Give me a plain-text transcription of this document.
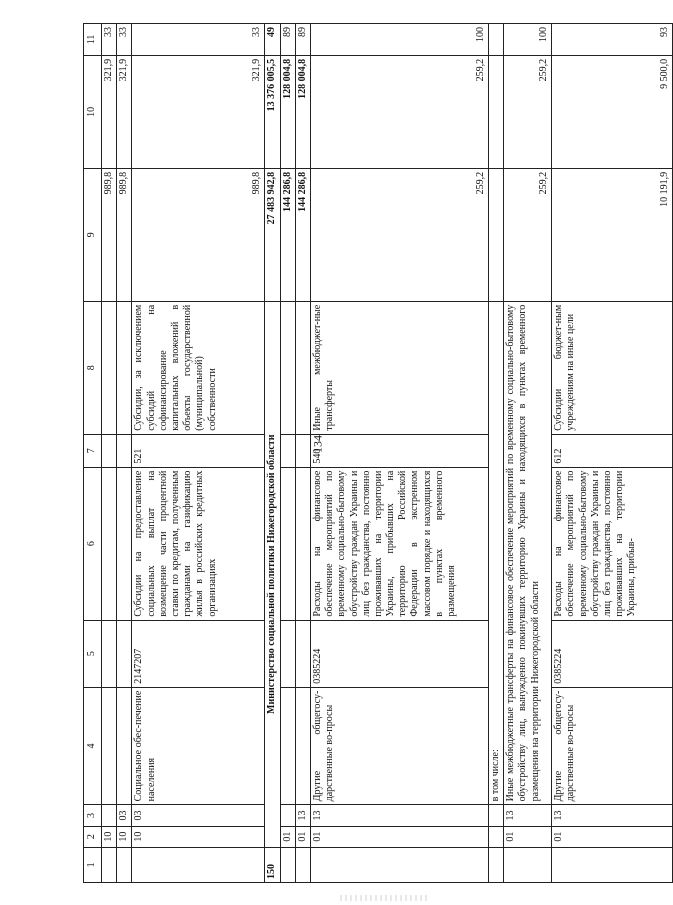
134
1	2	3	4	5	6	7	8	9	10	11
	10							989,8	321,9	33
	10	03						989,8	321,9	33
	10	03	Социальное обес-печение населения	2147207	Субсидии на предоставление социальных выплат на возмещение части процентной ставки по кредитам, полученным гражданами на газификацию жилья в российских кредитных организациях	521	Субсидии, за исключением субсидий на софинансирование капитальных вложений в объекты государственной (муниципальной) собственности	989,8	321,9	33
150	Министерство социальной политики Нижегородской области							27 483 942,8	13 376 005,5	49
	01							144 286,8	128 004,8	89
	01	13						144 286,8	128 004,8	89
	01	13	Другие общегосу-дарственные во-просы	0385224	Расходы на финансовое обеспечение мероприятий по временному социально-бытовому обустройству граждан Украины и лиц без гражданства, постоянно проживавших на территории Украины, прибывших на территорию Российской Федерации в экстренном массовом порядке и находящихся в пунктах временного размещения	540	Иные межбюджет-ные трансферты	259,2	259,2	100
			в том числе:							
	01	13	Иные межбюджетные трансферты на финансовое обеспечение мероприятий по временному социально-бытовому обустройству лиц, вынужденно покинувших территорию Украины и находящихся в пунктах временного размещения на территории Нижегородской области					259,2	259,2	100
	01	13	Другие общегосу-дарственные во-просы	0385224	Расходы на финансовое обеспечение мероприятий по временному социально-бытовому обустройству граждан Украины и лиц без гражданства, постоянно проживавших на территории Украины, прибыв-	612	Субсидии бюджет-ным учреждениям на иные цели	10 191,9	9 500,0	93
